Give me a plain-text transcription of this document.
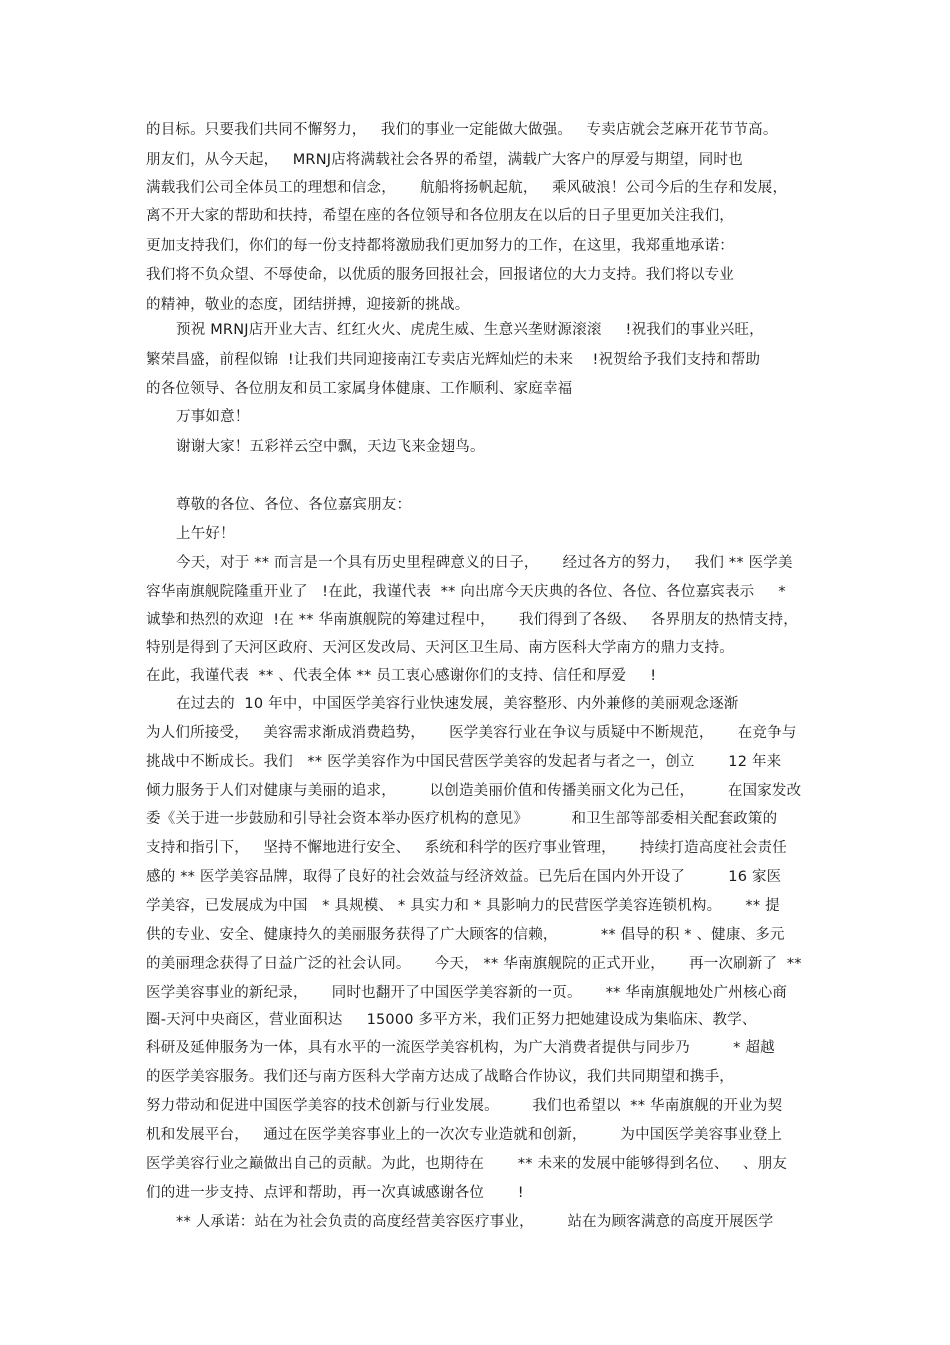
的目标。只要我们共同不懈努力，   我们的事业一定能做大做强。   专卖店就会芝麻开花节节高。
朋友们，从今天起，   MRNJ店将满载社会各界的希望，满载广大客户的厚爱与期望，同时也
满载我们公司全体员工的理想和信念，     航船将扬帆起航，   乘风破浪！公司今后的生存和发展，
离不开大家的帮助和扶持，希望在座的各位领导和各位朋友在以后的日子里更加关注我们，
更加支持我们，你们的每一份支持都将激励我们更加努力的工作，在这里，我郑重地承诺：
我们将不负众望、不辱使命，以优质的服务回报社会，回报诸位的大力支持。我们将以专业
的精神，敬业的态度，团结拼搏，迎接新的挑战。
预祝 MRNJ店开业大吉、红红火火、虎虎生威、生意兴垄财源滚滚     !祝我们的事业兴旺，
繁荣昌盛，前程似锦  !让我们共同迎接南江专卖店光辉灿烂的未来    !祝贺给予我们支持和帮助
的各位领导、各位朋友和员工家属身体健康、工作顺利、家庭幸福
万事如意！
谢谢大家！五彩祥云空中飘，天边飞来金翅鸟。
尊敬的各位、各位、各位嘉宾朋友：
上午好！
今天，对于 ** 而言是一个具有历史里程碑意义的日子，     经过各方的努力，   我们 ** 医学美
容华南旗舰院隆重开业了   !在此，我谨代表  ** 向出席今天庆典的各位、各位、各位嘉宾表示     *
诚挚和热烈的欢迎  !在 ** 华南旗舰院的筹建过程中，     我们得到了各级、   各界朋友的热情支持，
特别是得到了天河区政府、天河区发改局、天河区卫生局、南方医科大学南方的鼎力支持。
在此，我谨代表  ** 、代表全体 ** 员工衷心感谢你们的支持、信任和厚爱     !
在过去的  10 年中，中国医学美容行业快速发展，美容整形、内外兼修的美丽观念逐渐
为人们所接受，   美容需求渐成消费趋势，     医学美容行业在争议与质疑中不断规范，     在竞争与
挑战中不断成长。我们   ** 医学美容作为中国民营医学美容的发起者与者之一，创立       12 年来
倾力服务于人们对健康与美丽的追求，       以创造美丽价值和传播美丽文化为己任，       在国家发改
委《关于进一步鼓励和引导社会资本举办医疗机构的意见》         和卫生部等部委相关配套政策的
支持和指引下，   坚持不懈地进行安全、   系统和科学的医疗事业管理，     持续打造高度社会责任
感的 ** 医学美容品牌，取得了良好的社会效益与经济效益。已先后在国内外开设了         16 家医
学美容，已发展成为中国   * 具规模、 * 具实力和 * 具影响力的民营医学美容连锁机构。     ** 提
供的专业、安全、健康持久的美丽服务获得了广大顾客的信赖，         ** 倡导的积 * 、健康、多元
的美丽理念获得了日益广泛的社会认同。     今天， ** 华南旗舰院的正式开业，     再一次刷新了  **
医学美容事业的新纪录，     同时也翻开了中国医学美容新的一页。     ** 华南旗舰地处广州核心商
圈-天河中央商区，营业面积达     15000 多平方米，我们正努力把她建设成为集临床、教学、
科研及延伸服务为一体，具有水平的一流医学美容机构，为广大消费者提供与同步乃         * 超越
的医学美容服务。我们还与南方医科大学南方达成了战略合作协议，我们共同期望和携手，
努力带动和促进中国医学美容的技术创新与行业发展。       我们也希望以  ** 华南旗舰的开业为契
机和发展平台，   通过在医学美容事业上的一次次专业造就和创新，       为中国医学美容事业登上
医学美容行业之巅做出自己的贡献。为此，也期待在       ** 未来的发展中能够得到名位、   、朋友
们的进一步支持、点评和帮助，再一次真诚感谢各位       !
** 人承诺：站在为社会负责的高度经营美容医疗事业，       站在为顾客满意的高度开展医学
